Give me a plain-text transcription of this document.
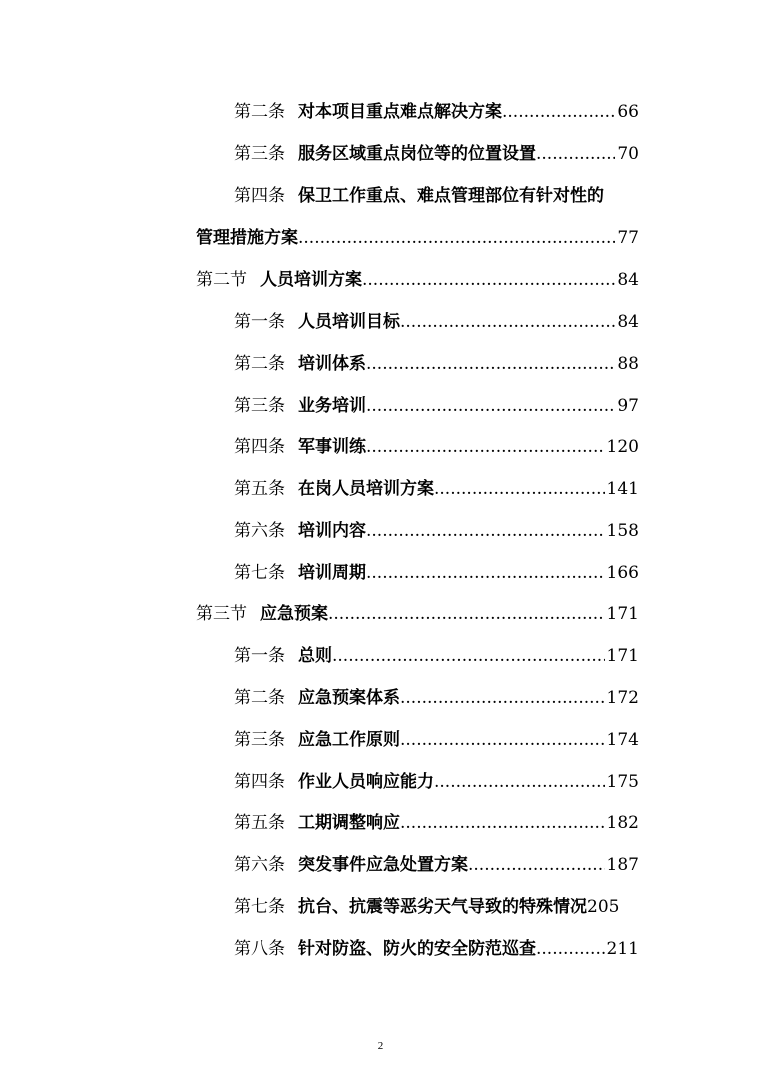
第二条 对本项目重点难点解决方案 .....	66
第三条 服务区域重点岗位等的位置设置 .....	70
第四条 保卫工作重点、难点管理部位有针对性的
管理措施方案 .....	77
第二节 人员培训方案 .....	84
第一条 人员培训目标 .....	84
第二条 培训体系 .....	88
第三条 业务培训 .....	97
第四条 军事训练 .....	120
第五条 在岗人员培训方案 .....	141
第六条 培训内容 .....	158
第七条 培训周期 .....	166
第三节 应急预案 .....	171
第一条 总则 .....	171
第二条 应急预案体系 .....	172
第三条 应急工作原则 .....	174
第四条 作业人员响应能力 .....	175
第五条 工期调整响应 .....	182
第六条 突发事件应急处置方案 .....	187
第七条 抗台、抗震等恶劣天气导致的特殊情况 205
第八条 针对防盗、防火的安全防范巡查 .....	211
2
